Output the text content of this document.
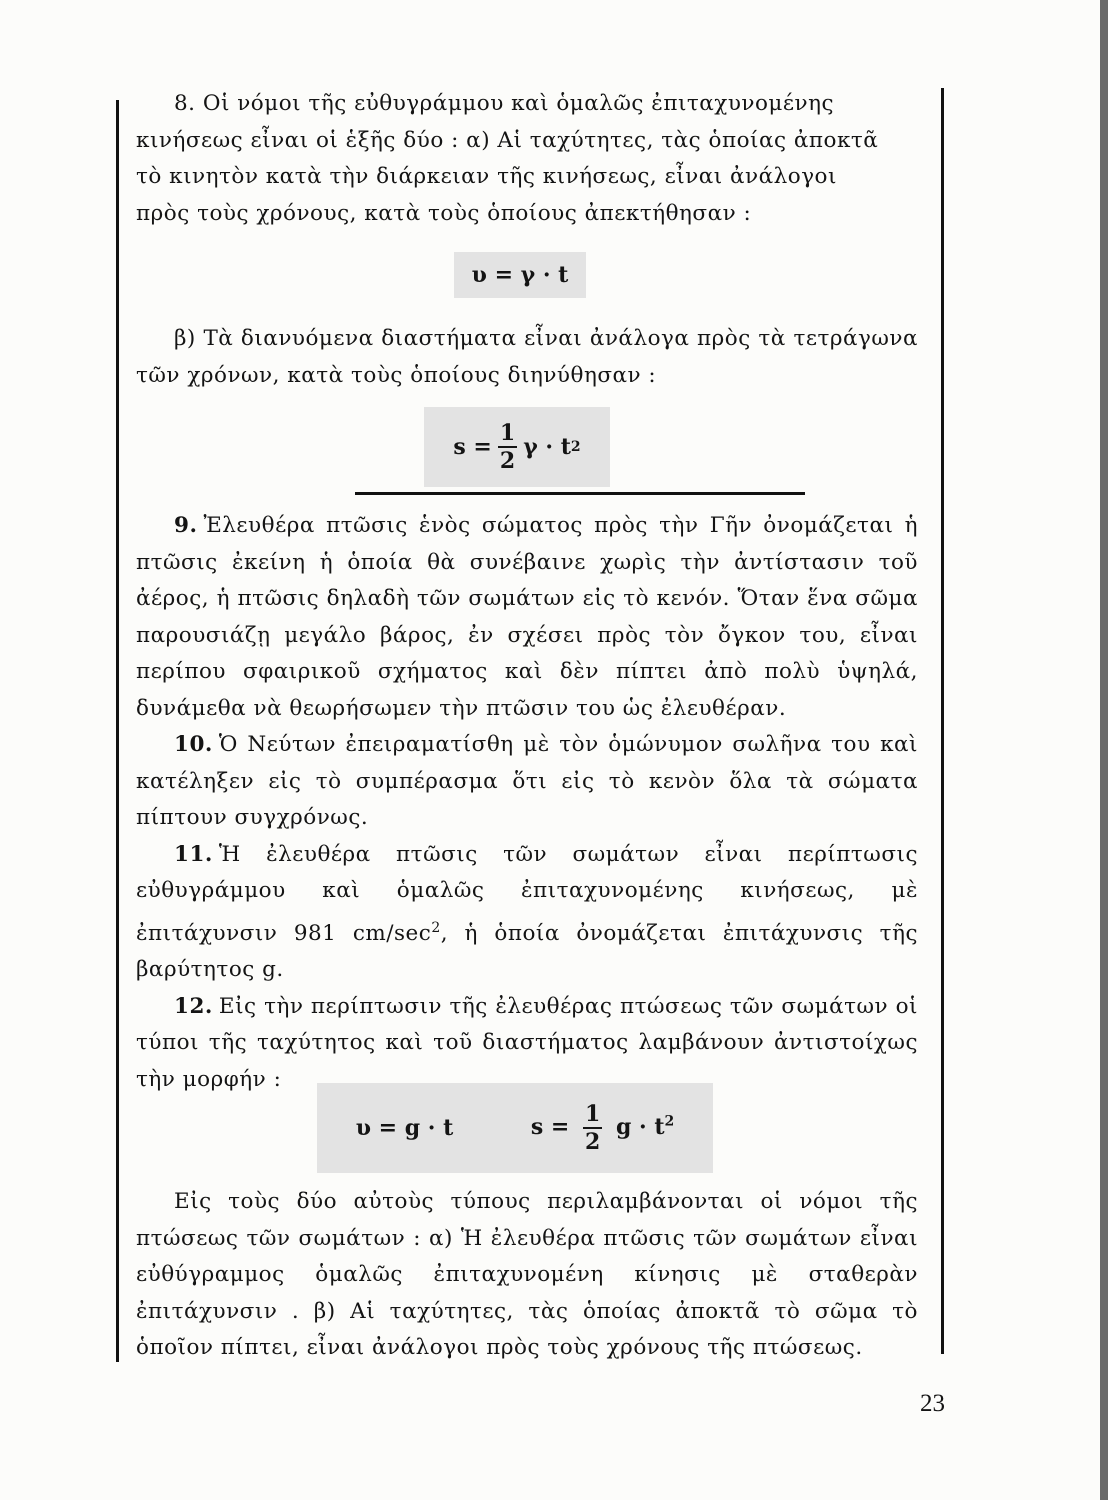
8. Οἱ νόμοι τῆς εὐθυγράμμου καὶ ὁμαλῶς ἐπιταχυνομένης

κινήσεως εἶναι οἱ ἑξῆς δύο : α) Αἱ ταχύτητες, τὰς ὁποίας ἀποκτᾶ

τὸ κινητὸν κατὰ τὴν διάρκειαν τῆς κινήσεως, εἶναι ἀνάλογοι

πρὸς τοὺς χρόνους, κατὰ τοὺς ὁποίους ἀπεκτήθησαν :

υ = γ · t

β) Τὰ διανυόμενα διαστήματα εἶναι ἀνάλογα πρὸς τὰ τετράγωνα τῶν χρόνων, κατὰ τοὺς ὁποίους διηνύθησαν :

$s = \frac{1}{2}$ γ · t 2

9. Ἐλευθέρα πτῶσις ἑνὸς σώματος πρὸς τὴν Γῆν ὀνομάζεται ἡ πτῶσις ἐκείνη ἡ ὁποία θὰ συνέβαινε χωρὶς τὴν ἀντίστασιν τοῦ ἀέρος, ἡ πτῶσις δηλαδὴ τῶν σωμάτων εἰς τὸ κενόν. Ὅταν ἕνα σῶμα παρουσιάζῃ μεγάλο βάρος, ἐν σχέσει πρὸς τὸν ὄγκον του, εἶναι περίπου σφαιρικοῦ σχήματος καὶ δὲν πίπτει ἀπὸ πολὺ ὑψηλά, δυνάμεθα νὰ θεωρήσωμεν τὴν πτῶσιν του ὡς ἐλευθέραν.

10. Ὁ Νεύτων ἐπειραματίσθη μὲ τὸν ὁμώνυμον σωλῆνα του καὶ κατέληξεν εἰς τὸ συμπέρασμα ὅτι εἰς τὸ κενὸν ὅλα τὰ σώματα πίπτουν συγχρόνως.

11. Ἡ ἐλευθέρα πτῶσις τῶν σωμάτων εἶναι περίπτωσις εὐθυγράμμου καὶ ὁμαλῶς ἐπιταχυνομένης κινήσεως, μὲ ἐπιτάχυνσιν 981 $cm/\sec^2$, ἡ ὁποία ὀνομάζεται ἐπιτάχυνσις τῆς βαρύτητος g.

12. Εἰς τὴν περίπτωσιν τῆς ἐλευθέρας πτώσεως τῶν σωμάτων οἱ τύποι τῆς ταχύτητος καὶ τοῦ διαστήματος λαμβάνουν ἀντιστοίχως τὴν μορφήν :

υ = g · t	$s = \frac{1}{2}$ $g \cdot t^2$

Εἰς τοὺς δύο αὐτοὺς τύπους περιλαμβάνονται οἱ νόμοι τῆς πτώσεως τῶν σωμάτων : α) Ἡ ἐλευθέρα πτῶσις τῶν σωμάτων εἶναι εὐθύγραμμος ὁμαλῶς ἐπιταχυνομένη κίνησις μὲ σταθερὰν ἐπιτάχυνσιν . β) Αἱ ταχύτητες, τὰς ὁποίας ἀποκτᾶ τὸ σῶμα τὸ ὁποῖον πίπτει, εἶναι ἀνάλογοι πρὸς τοὺς χρόνους τῆς πτώσεως.

23
